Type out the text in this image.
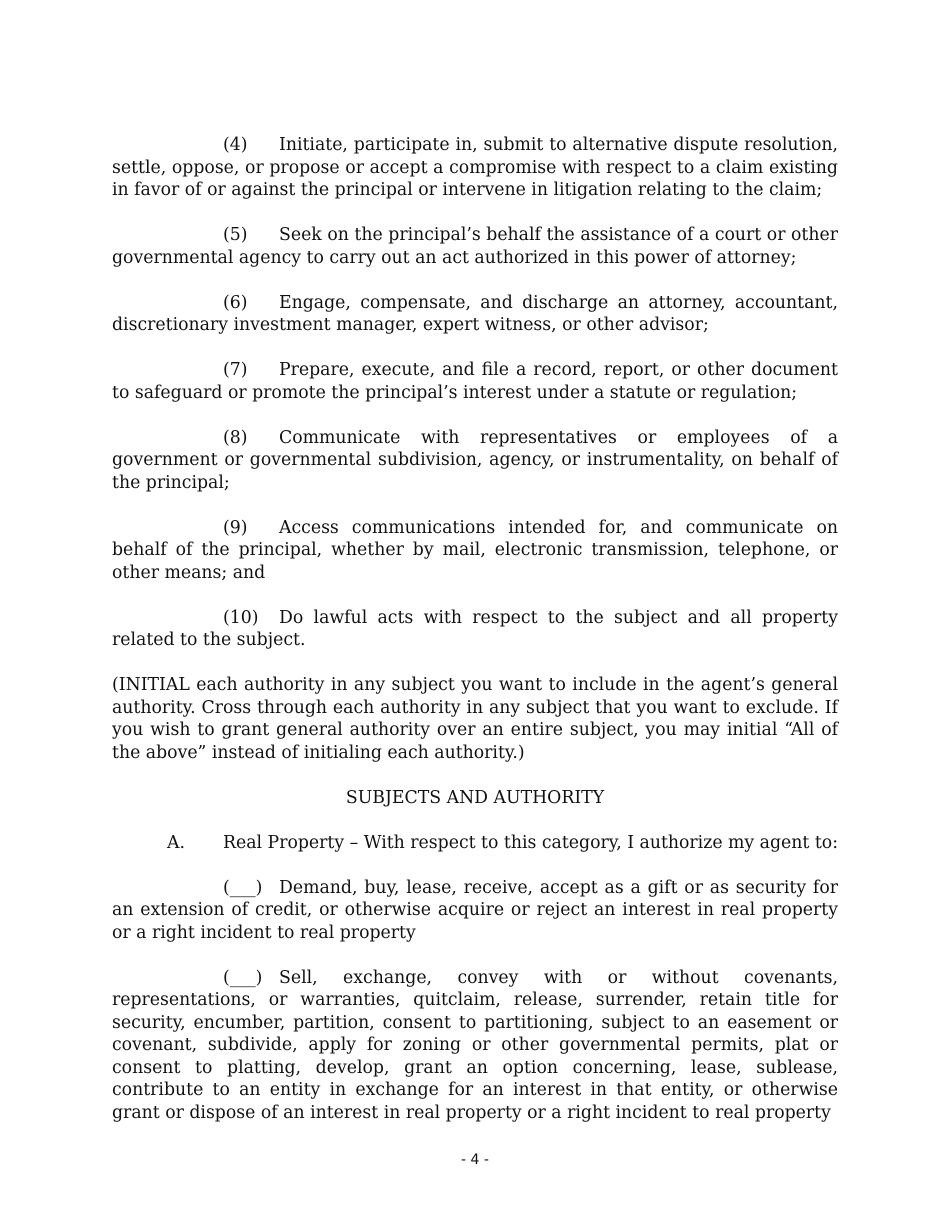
(4) Initiate, participate in, submit to alternative dispute resolution, settle, oppose, or propose or accept a compromise with respect to a claim existing in favor of or against the principal or intervene in litigation relating to the claim;

(5) Seek on the principal’s behalf the assistance of a court or other governmental agency to carry out an act authorized in this power of attorney;

(6) Engage, compensate, and discharge an attorney, accountant, discretionary investment manager, expert witness, or other advisor;

(7) Prepare, execute, and file a record, report, or other document to safeguard or promote the principal’s interest under a statute or regulation;

(8) Communicate with representatives or employees of a government or governmental subdivision, agency, or instrumentality, on behalf of the principal;

(9) Access communications intended for, and communicate on behalf of the principal, whether by mail, electronic transmission, telephone, or other means; and

(10) Do lawful acts with respect to the subject and all property related to the subject.

(INITIAL each authority in any subject you want to include in the agent’s general authority. Cross through each authority in any subject that you want to exclude. If you wish to grant general authority over an entire subject, you may initial “All of the above” instead of initialing each authority.)

SUBJECTS AND AUTHORITY

A. Real Property – With respect to this category, I authorize my agent to:

(___) Demand, buy, lease, receive, accept as a gift or as security for an extension of credit, or otherwise acquire or reject an interest in real property or a right incident to real property

(___) Sell, exchange, convey with or without covenants, representations, or warranties, quitclaim, release, surrender, retain title for security, encumber, partition, consent to partitioning, subject to an easement or covenant, subdivide, apply for zoning or other governmental permits, plat or consent to platting, develop, grant an option concerning, lease, sublease, contribute to an entity in exchange for an interest in that entity, or otherwise grant or dispose of an interest in real property or a right incident to real property

- 4 -
